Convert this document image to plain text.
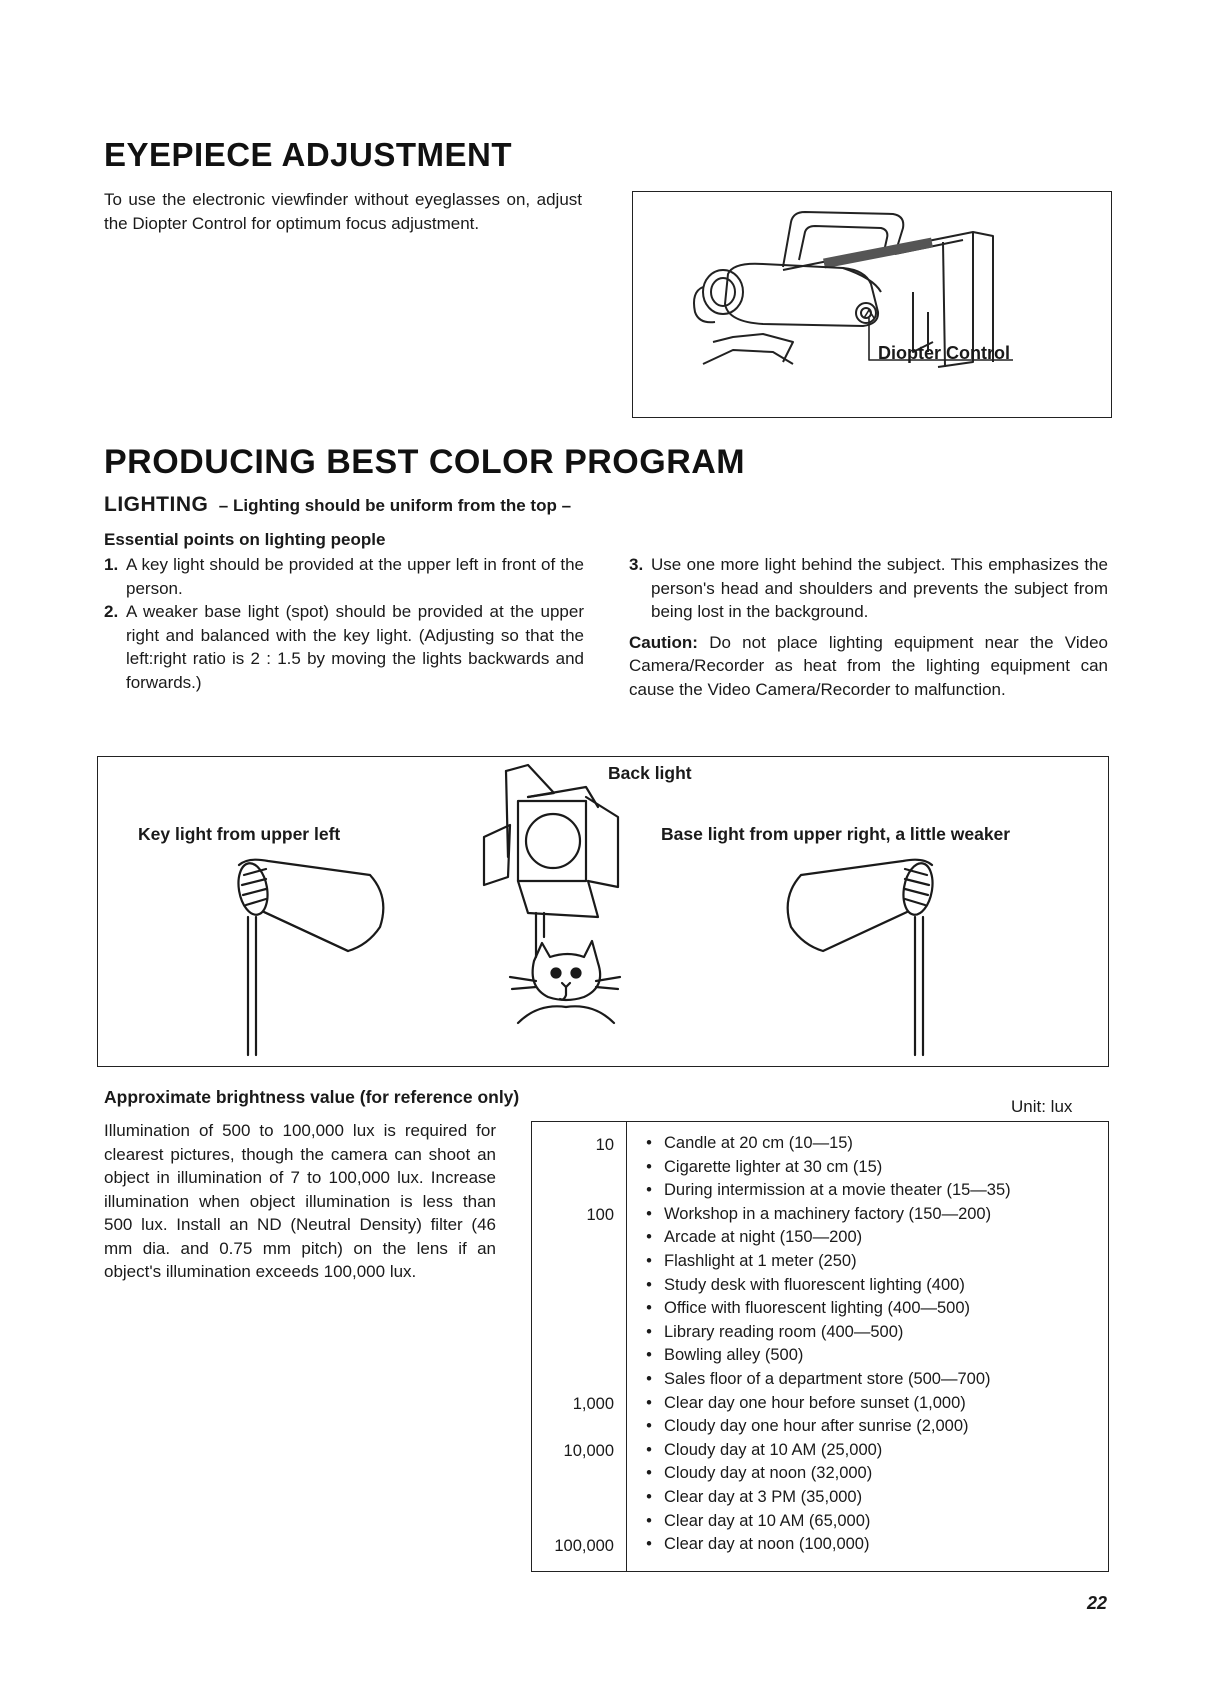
EYEPIECE ADJUSTMENT
To use the electronic viewfinder without eyeglasses on, adjust the Diopter Control for optimum focus adjustment.
Diopter Control
PRODUCING BEST COLOR PROGRAM
LIGHTING – Lighting should be uniform from the top –
Essential points on lighting people
1. A key light should be provided at the upper left in front of the person.
2. A weaker base light (spot) should be provided at the upper right and balanced with the key light. (Adjusting so that the left:right ratio is 2 : 1.5 by moving the lights backwards and forwards.)
3. Use one more light behind the subject. This emphasizes the person's head and shoulders and prevents the subject from being lost in the background.
Caution: Do not place lighting equipment near the Video Camera/Recorder as heat from the lighting equipment can cause the Video Camera/Recorder to malfunction.
Back light
Key light from upper left	Base light from upper right, a little weaker
Approximate brightness value (for reference only)	Unit: lux
Illumination of 500 to 100,000 lux is required for clearest pictures, though the camera can shoot an object in illumination of 7 to 100,000 lux. Increase illumination when object illumination is less than 500 lux. Install an ND (Neutral Density) filter (46 mm dia. and 0.75 mm pitch) on the lens if an object's illumination exceeds 100,000 lux.
10
100
1,000
10,000
100,000
• Candle at 20 cm (10—15)
• Cigarette lighter at 30 cm (15)
• During intermission at a movie theater (15—35)
• Workshop in a machinery factory (150—200)
• Arcade at night (150—200)
• Flashlight at 1 meter (250)
• Study desk with fluorescent lighting (400)
• Office with fluorescent lighting (400—500)
• Library reading room (400—500)
• Bowling alley (500)
• Sales floor of a department store (500—700)
• Clear day one hour before sunset (1,000)
• Cloudy day one hour after sunrise (2,000)
• Cloudy day at 10 AM (25,000)
• Cloudy day at noon (32,000)
• Clear day at 3 PM (35,000)
• Clear day at 10 AM (65,000)
• Clear day at noon (100,000)
22
